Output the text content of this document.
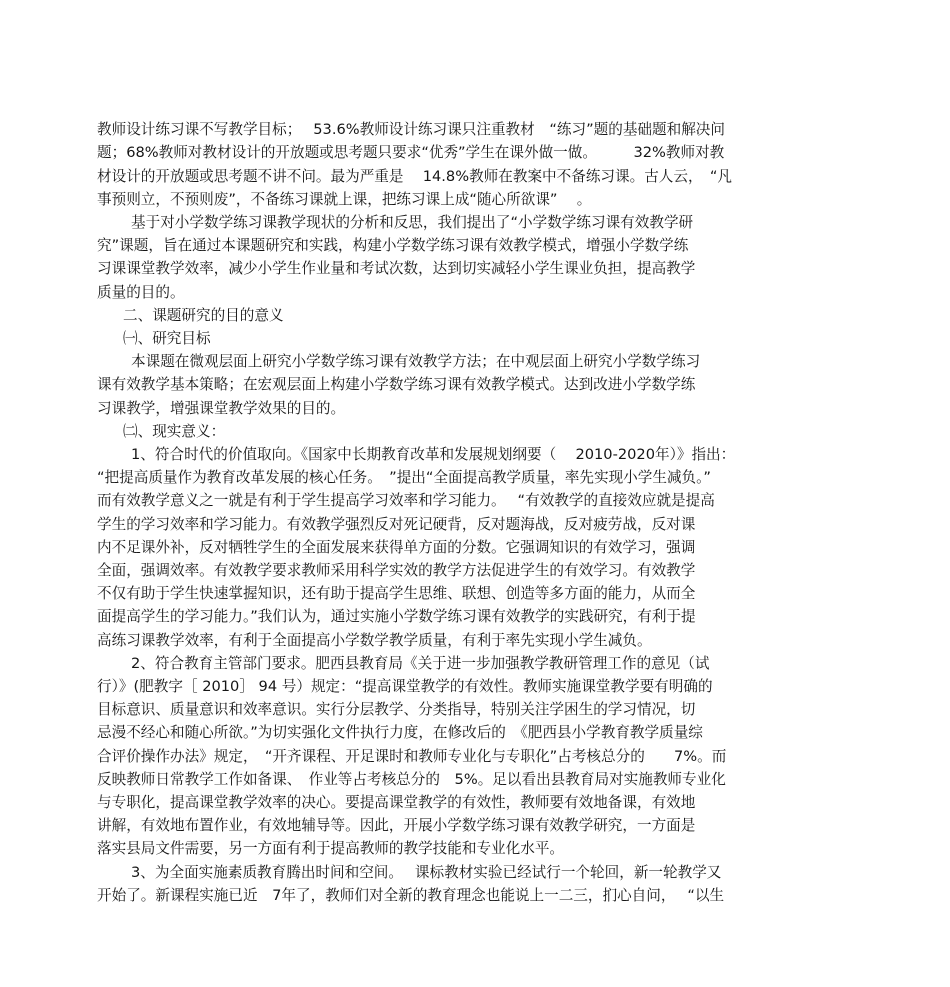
教师设计练习课不写教学目标；　 53.6%教师设计练习课只注重教材　“练习”题的基础题和解决问
题；68%教师对教材设计的开放题或思考题只要求“优秀”学生在课外做一做。　　　32%教师对教
材设计的开放题或思考题不讲不问。最为严重是　 14.8%教师在教案中不备练习课。古人云，　“凡
事预则立，不预则废”，不备练习课就上课，把练习课上成“随心所欲课”　 。
基于对小学数学练习课教学现状的分析和反思，我们提出了“小学数学练习课有效教学研
究”课题，旨在通过本课题研究和实践，构建小学数学练习课有效教学模式，增强小学数学练
习课课堂教学效率，减少小学生作业量和考试次数，达到切实减轻小学生课业负担，提高教学
质量的目的。
二、课题研究的目的意义
㈠、研究目标
本课题在微观层面上研究小学数学练习课有效教学方法；在中观层面上研究小学数学练习
课有效教学基本策略；在宏观层面上构建小学数学练习课有效教学模式。达到改进小学数学练
习课教学，增强课堂教学效果的目的。
㈡、现实意义：
1、符合时代的价值取向。《国家中长期教育改革和发展规划纲要（　 2010-2020年）》指出：
“把提高质量作为教育改革发展的核心任务。　”提出“全面提高教学质量，率先实现小学生减负。”
而有效教学意义之一就是有利于学生提高学习效率和学习能力。　 “有效教学的直接效应就是提高
学生的学习效率和学习能力。有效教学强烈反对死记硬背，反对题海战，反对疲劳战，反对课
内不足课外补，反对牺牲学生的全面发展来获得单方面的分数。它强调知识的有效学习，强调
全面，强调效率。有效教学要求教师采用科学实效的教学方法促进学生的有效学习。有效教学
不仅有助于学生快速掌握知识，还有助于提高学生思维、联想、创造等多方面的能力，从而全
面提高学生的学习能力。”我们认为，通过实施小学数学练习课有效教学的实践研究，有利于提
高练习课教学效率，有利于全面提高小学数学教学质量，有利于率先实现小学生减负。
2、符合教育主管部门要求。肥西县教育局《关于进一步加强教学教研管理工作的意见（试
行）》(肥教字［ 2010］ 94 号）规定：“提高课堂教学的有效性。教师实施课堂教学要有明确的
目标意识、质量意识和效率意识。实行分层教学、分类指导，特别关注学困生的学习情况，切
忌漫不经心和随心所欲。”为切实强化文件执行力度，在修改后的　《肥西县小学教育教学质量综
合评价操作办法》规定，　“开齐课程、开足课时和教师专业化与专职化”占考核总分的　　7%。而
反映教师日常教学工作如备课、　作业等占考核总分的　5%。足以看出县教育局对实施教师专业化
与专职化，提高课堂教学效率的决心。要提高课堂教学的有效性，教师要有效地备课，有效地
讲解，有效地布置作业，有效地辅导等。因此，开展小学数学练习课有效教学研究，一方面是
落实县局文件需要，另一方面有利于提高教师的教学技能和专业化水平。
3、为全面实施素质教育腾出时间和空间。　 课标教材实验已经试行一个轮回，新一轮教学又
开始了。新课程实施已近　7年了，教师们对全新的教育理念也能说上一二三，扪心自问，　 “以生
